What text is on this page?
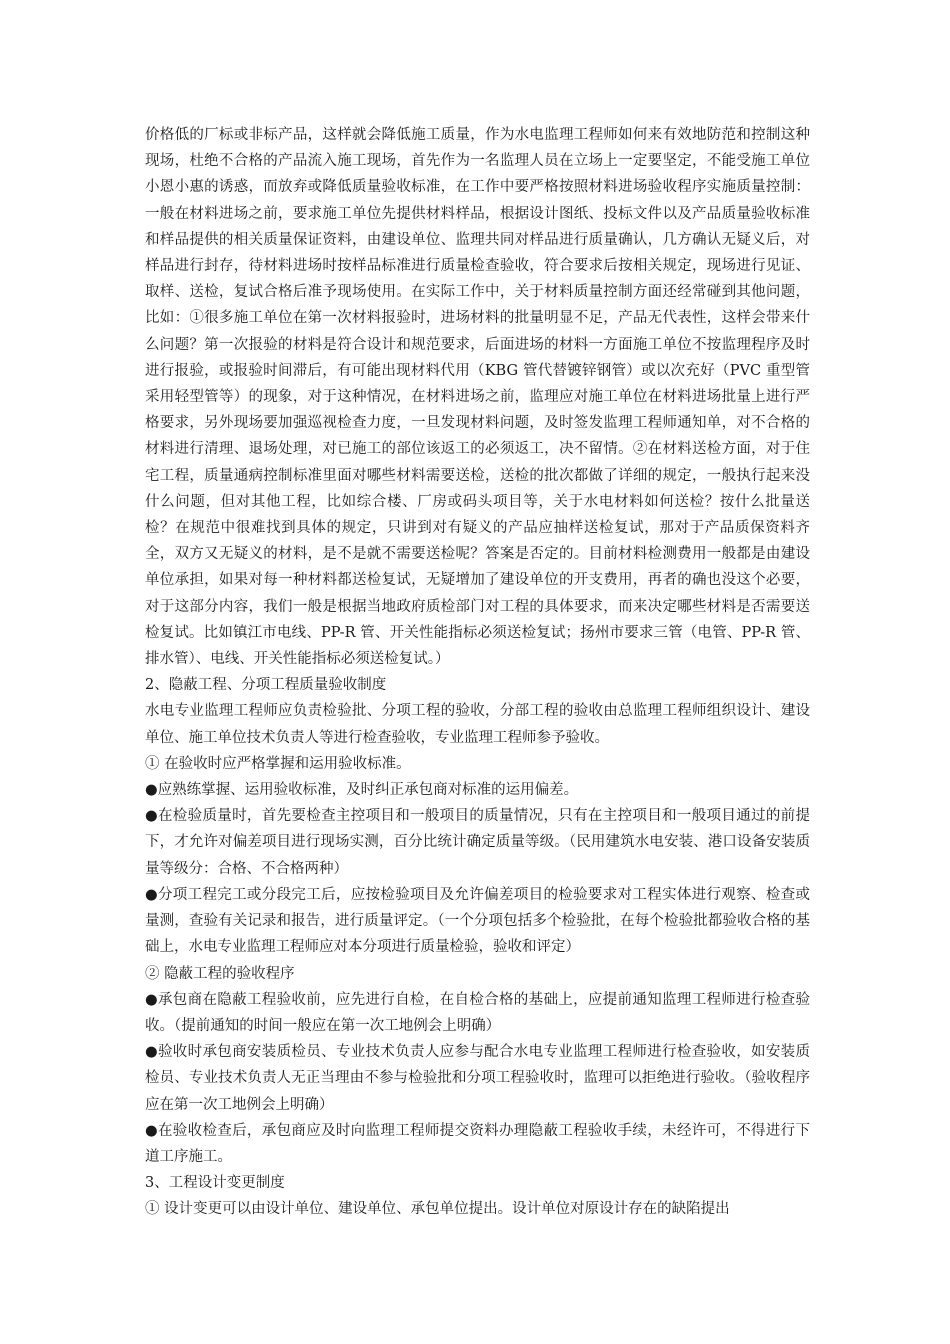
价格低的厂标或非标产品，这样就会降低施工质量，作为水电监理工程师如何来有效地防范和控制这种现场，杜绝不合格的产品流入施工现场，首先作为一名监理人员在立场上一定要坚定，不能受施工单位小恩小惠的诱惑，而放弃或降低质量验收标准，在工作中要严格按照材料进场验收程序实施质量控制：一般在材料进场之前，要求施工单位先提供材料样品，根据设计图纸、投标文件以及产品质量验收标准和样品提供的相关质量保证资料，由建设单位、监理共同对样品进行质量确认，几方确认无疑义后，对样品进行封存，待材料进场时按样品标准进行质量检查验收，符合要求后按相关规定，现场进行见证、取样、送检，复试合格后准予现场使用。在实际工作中，关于材料质量控制方面还经常碰到其他问题，比如：①很多施工单位在第一次材料报验时，进场材料的批量明显不足，产品无代表性，这样会带来什么问题？第一次报验的材料是符合设计和规范要求，后面进场的材料一方面施工单位不按监理程序及时进行报验，或报验时间滞后，有可能出现材料代用（KBG 管代替镀锌钢管）或以次充好（PVC 重型管采用轻型管等）的现象，对于这种情况，在材料进场之前，监理应对施工单位在材料进场批量上进行严格要求，另外现场要加强巡视检查力度，一旦发现材料问题，及时签发监理工程师通知单，对不合格的材料进行清理、退场处理，对已施工的部位该返工的必须返工，决不留情。②在材料送检方面，对于住宅工程，质量通病控制标准里面对哪些材料需要送检，送检的批次都做了详细的规定，一般执行起来没什么问题，但对其他工程，比如综合楼、厂房或码头项目等，关于水电材料如何送检？按什么批量送检？在规范中很难找到具体的规定，只讲到对有疑义的产品应抽样送检复试，那对于产品质保资料齐全，双方又无疑义的材料，是不是就不需要送检呢？答案是否定的。目前材料检测费用一般都是由建设单位承担，如果对每一种材料都送检复试，无疑增加了建设单位的开支费用，再者的确也没这个必要，对于这部分内容，我们一般是根据当地政府质检部门对工程的具体要求，而来决定哪些材料是否需要送检复试。比如镇江市电线、PP-R 管、开关性能指标必须送检复试；扬州市要求三管（电管、PP-R 管、排水管）、电线、开关性能指标必须送检复试。）

2、隐蔽工程、分项工程质量验收制度

水电专业监理工程师应负责检验批、分项工程的验收，分部工程的验收由总监理工程师组织设计、建设单位、施工单位技术负责人等进行检查验收，专业监理工程师参予验收。

① 在验收时应严格掌握和运用验收标准。

●应熟练掌握、运用验收标准，及时纠正承包商对标准的运用偏差。

●在检验质量时，首先要检查主控项目和一般项目的质量情况，只有在主控项目和一般项目通过的前提下，才允许对偏差项目进行现场实测，百分比统计确定质量等级。（民用建筑水电安装、港口设备安装质量等级分：合格、不合格两种）

●分项工程完工或分段完工后，应按检验项目及允许偏差项目的检验要求对工程实体进行观察、检查或量测，查验有关记录和报告，进行质量评定。（一个分项包括多个检验批，在每个检验批都验收合格的基础上，水电专业监理工程师应对本分项进行质量检验，验收和评定）

② 隐蔽工程的验收程序

●承包商在隐蔽工程验收前，应先进行自检，在自检合格的基础上，应提前通知监理工程师进行检查验收。（提前通知的时间一般应在第一次工地例会上明确）

●验收时承包商安装质检员、专业技术负责人应参与配合水电专业监理工程师进行检查验收，如安装质检员、专业技术负责人无正当理由不参与检验批和分项工程验收时，监理可以拒绝进行验收。（验收程序应在第一次工地例会上明确）

●在验收检查后，承包商应及时向监理工程师提交资料办理隐蔽工程验收手续，未经许可，不得进行下道工序施工。

3、工程设计变更制度

① 设计变更可以由设计单位、建设单位、承包单位提出。设计单位对原设计存在的缺陷提出
